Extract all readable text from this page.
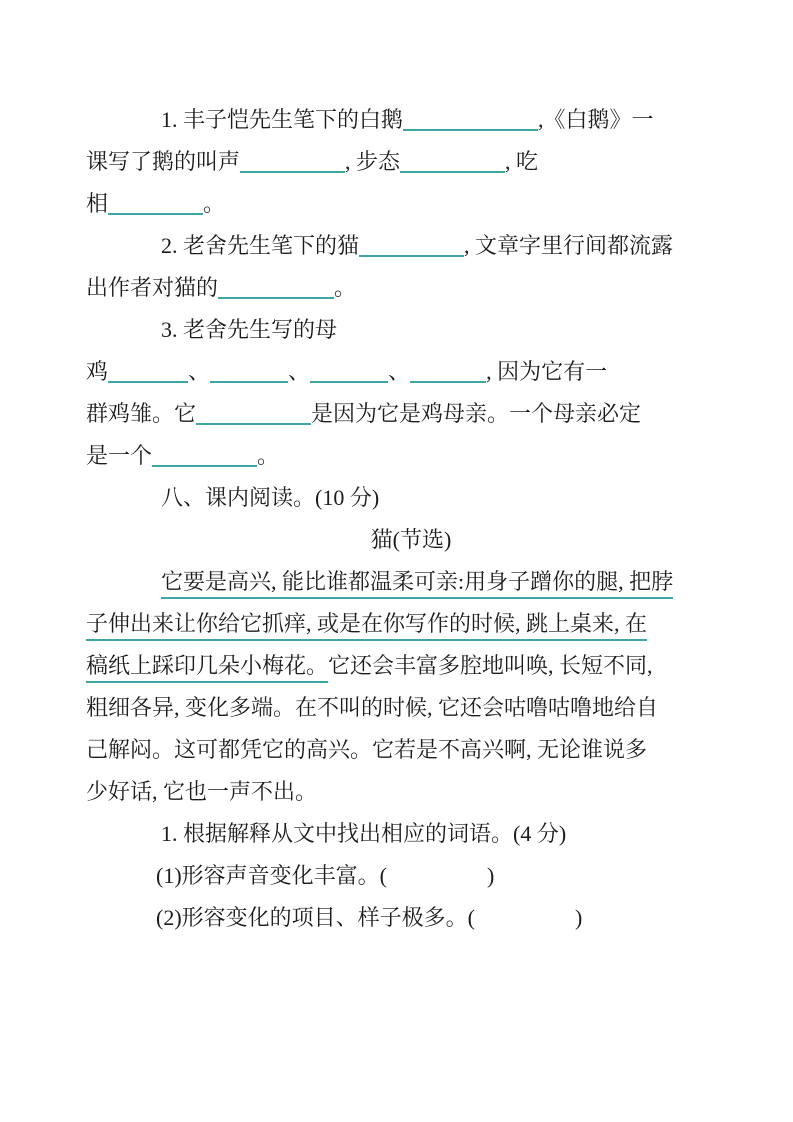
1. 丰子恺先生笔下的白鹅	,《白鹅》一
课写了鹅的叫声	, 步态	, 吃
相	。
2. 老舍先生笔下的猫	, 文章字里行间都流露
出作者对猫的	。
3. 老舍先生写的母
鸡	、	、	、	, 因为它有一
群鸡雏。它	是因为它是鸡母亲。一个母亲必定
是一个	。
八、课内阅读。(10 分)
猫(节选)
它要是高兴, 能比谁都温柔可亲:用身子蹭你的腿, 把脖
子伸出来让你给它抓痒, 或是在你写作的时候, 跳上桌来, 在
稿纸上踩印几朵小梅花。它还会丰富多腔地叫唤, 长短不同,
粗细各异, 变化多端。在不叫的时候, 它还会咕噜咕噜地给自
己解闷。这可都凭它的高兴。它若是不高兴啊, 无论谁说多
少好话, 它也一声不出。
1. 根据解释从文中找出相应的词语。(4 分)
(1)形容声音变化丰富。(	)
(2)形容变化的项目、样子极多。(	)
